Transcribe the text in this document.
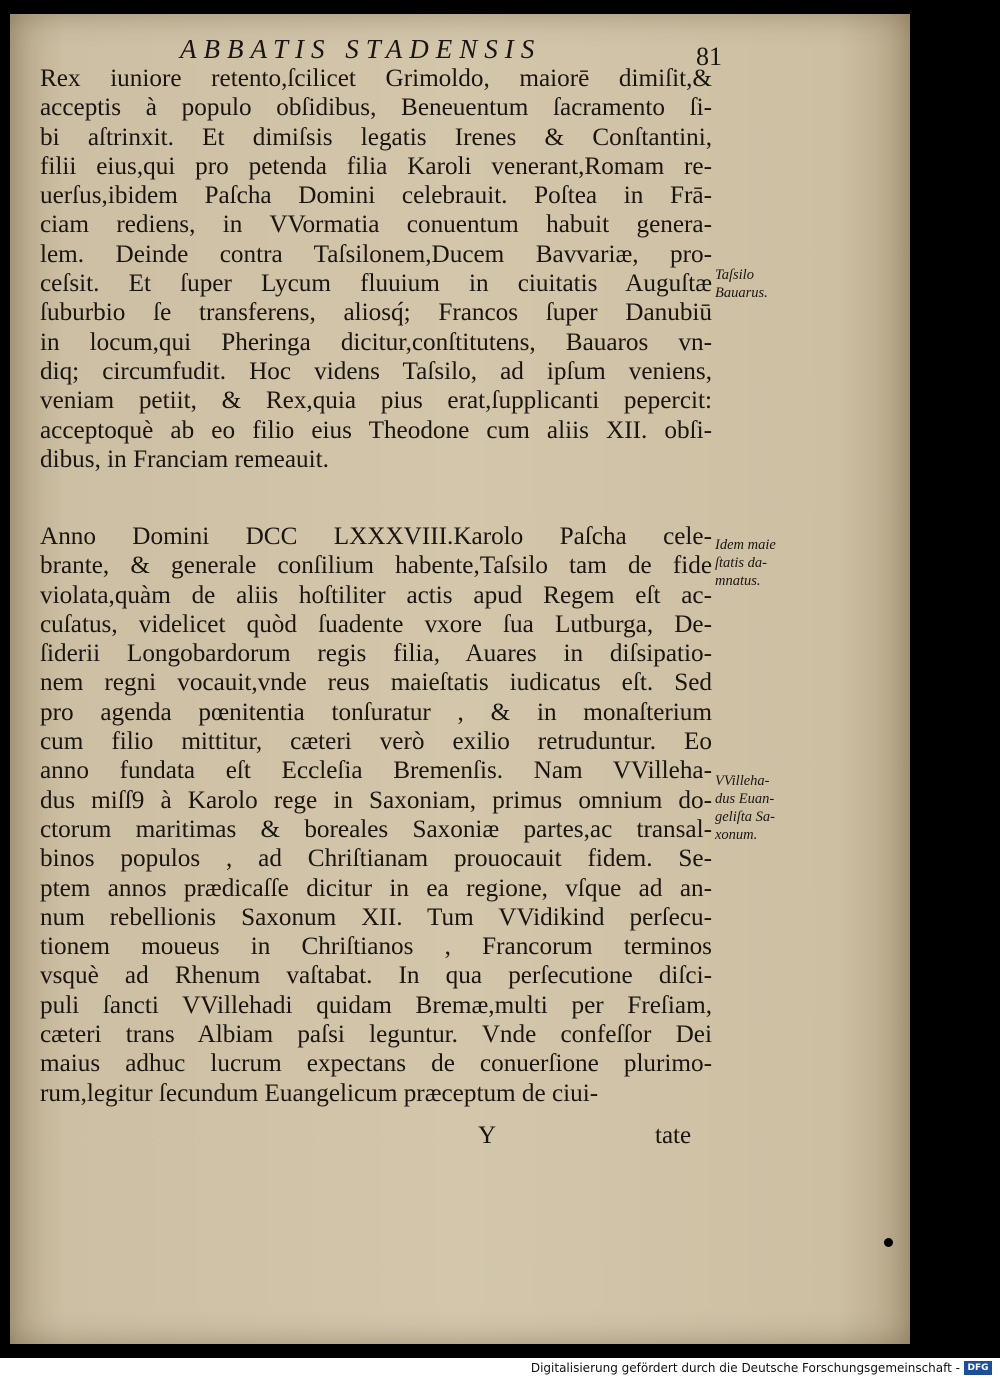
ABBATIS STADENSIS	81
Rex iuniore retento,ſcilicet Grimoldo, maiorē dimiſit,&
acceptis à populo obſidibus, Beneuentum ſacramento ſi-
bi aſtrinxit. Et dimiſsis legatis Irenes & Conſtantini,
filii eius,qui pro petenda filia Karoli venerant,Romam re-
uerſus,ibidem Paſcha Domini celebrauit. Poſtea in Frā-
ciam rediens, in VVormatia conuentum habuit genera-
lem. Deinde contra Taſsilonem,Ducem Bavvariæ, pro-
ceſsit. Et ſuper Lycum fluuium in ciuitatis Auguſtæ
ſuburbio ſe transferens, aliosq́; Francos ſuper Danubiū
in locum,qui Pheringa dicitur,conſtitutens, Bauaros vn-
diq; circumfudit. Hoc videns Taſsilo, ad ipſum veniens,
veniam petiit, & Rex,quia pius erat,ſupplicanti pepercit:
acceptoquè ab eo filio eius Theodone cum aliis XII. obſi-
dibus, in Franciam remeauit.
Anno Domini DCC LXXXVIII.Karolo Paſcha cele-
brante, & generale conſilium habente,Taſsilo tam de fide
violata,quàm de aliis hoſtiliter actis apud Regem eſt ac-
cuſatus, videlicet quòd ſuadente vxore ſua Lutburga, De-
ſiderii Longobardorum regis filia, Auares in diſsipatio-
nem regni vocauit,vnde reus maieſtatis iudicatus eſt. Sed
pro agenda pœnitentia tonſuratur , & in monaſterium
cum filio mittitur, cæteri verò exilio retruduntur. Eo
anno fundata eſt Eccleſia Bremenſis. Nam VVilleha-
dus miſſ9 à Karolo rege in Saxoniam, primus omnium do-
ctorum maritimas & boreales Saxoniæ partes,ac transal-
binos populos , ad Chriſtianam prouocauit fidem. Se-
ptem annos prædicaſſe dicitur in ea regione, vſque ad an-
num rebellionis Saxonum XII. Tum VVidikind perſecu-
tionem moueus in Chriſtianos , Francorum terminos
vsquè ad Rhenum vaſtabat. In qua perſecutione diſci-
puli ſancti VVillehadi quidam Bremæ,multi per Freſiam,
cæteri trans Albiam paſsi leguntur. Vnde confeſſor Dei
maius adhuc lucrum expectans de conuerſione plurimo-
rum,legitur ſecundum Euangelicum præceptum de ciui-
Taſsilo
Bauarus.
Idem maie
ſtatis da-
mnatus.
VVilleha-
dus Euan-
geliſta Sa-
xonum.
Y	tate
Digitalisierung gefördert durch die Deutsche Forschungsgemeinschaft - DFG
